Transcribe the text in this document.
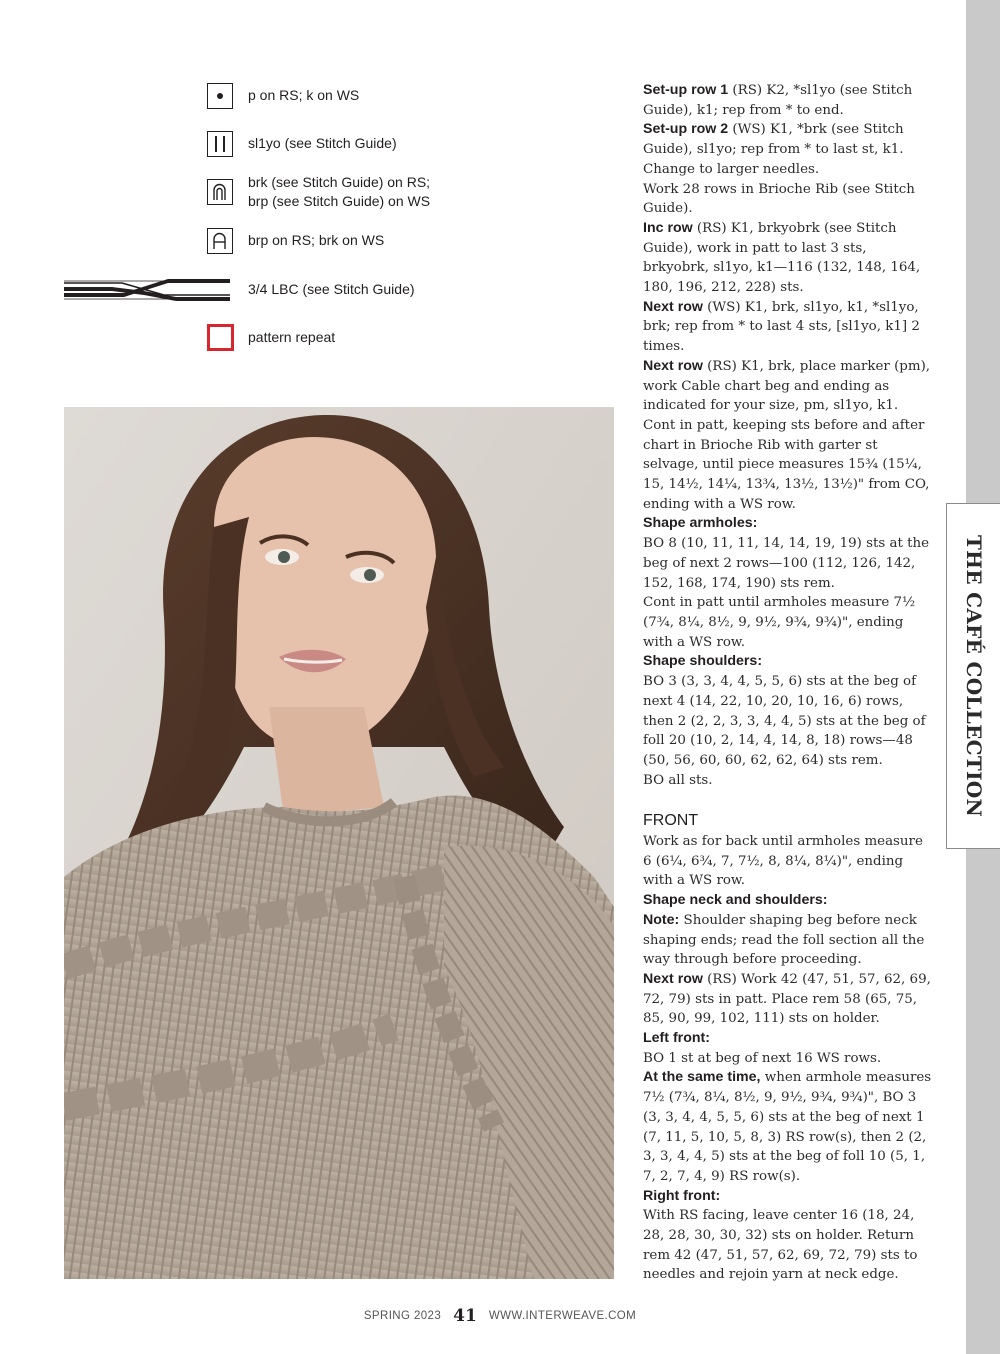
THE CAFÉ COLLECTION
p on RS; k on WS
sl1yo (see Stitch Guide)
brk (see Stitch Guide) on RS;
brp (see Stitch Guide) on WS
brp on RS; brk on WS
3/4 LBC (see Stitch Guide)
pattern repeat

Set-up row 1 (RS) K2, *sl1yo (see Stitch Guide), k1; rep from * to end.

Set-up row 2 (WS) K1, *brk (see Stitch Guide), sl1yo; rep from * to last st, k1.

Change to larger needles.

Work 28 rows in Brioche Rib (see Stitch Guide).

Inc row (RS) K1, brkyobrk (see Stitch Guide), work in patt to last 3 sts, brkyobrk, sl1yo, k1—116 (132, 148, 164, 180, 196, 212, 228) sts.

Next row (WS) K1, brk, sl1yo, k1, *sl1yo, brk; rep from * to last 4 sts, [sl1yo, k1] 2 times.

Next row (RS) K1, brk, place marker (pm), work Cable chart beg and ending as indicated for your size, pm, sl1yo, k1.

Cont in patt, keeping sts before and after chart in Brioche Rib with garter st selvage, until piece measures 15¾ (15¼, 15, 14½, 14¼, 13¾, 13½, 13½)" from CO, ending with a WS row.

Shape armholes:

BO 8 (10, 11, 11, 14, 14, 19, 19) sts at the beg of next 2 rows—100 (112, 126, 142, 152, 168, 174, 190) sts rem.

Cont in patt until armholes measure 7½ (7¾, 8¼, 8½, 9, 9½, 9¾, 9¾)", ending with a WS row.

Shape shoulders:

BO 3 (3, 3, 4, 4, 5, 5, 6) sts at the beg of next 4 (14, 22, 10, 20, 10, 16, 6) rows, then 2 (2, 2, 3, 3, 4, 4, 5) sts at the beg of foll 20 (10, 2, 14, 4, 14, 8, 18) rows—48 (50, 56, 60, 60, 62, 62, 64) sts rem.

BO all sts.

FRONT

Work as for back until armholes measure 6 (6¼, 6¾, 7, 7½, 8, 8¼, 8¼)", ending with a WS row.

Shape neck and shoulders:

Note: Shoulder shaping beg before neck shaping ends; read the foll section all the way through before proceeding.

Next row (RS) Work 42 (47, 51, 57, 62, 69, 72, 79) sts in patt. Place rem 58 (65, 75, 85, 90, 99, 102, 111) sts on holder.

Left front:

BO 1 st at beg of next 16 WS rows.

At the same time, when armhole measures 7½ (7¾, 8¼, 8½, 9, 9½, 9¾, 9¾)", BO 3 (3, 3, 4, 4, 5, 5, 6) sts at the beg of next 1 (7, 11, 5, 10, 5, 8, 3) RS row(s), then 2 (2, 3, 3, 4, 4, 5) sts at the beg of foll 10 (5, 1, 7, 2, 7, 4, 9) RS row(s).

Right front:

With RS facing, leave center 16 (18, 24, 28, 28, 30, 30, 32) sts on holder. Return rem 42 (47, 51, 57, 62, 69, 72, 79) sts to needles and rejoin yarn at neck edge.

SPRING 2023 41 WWW.INTERWEAVE.COM
